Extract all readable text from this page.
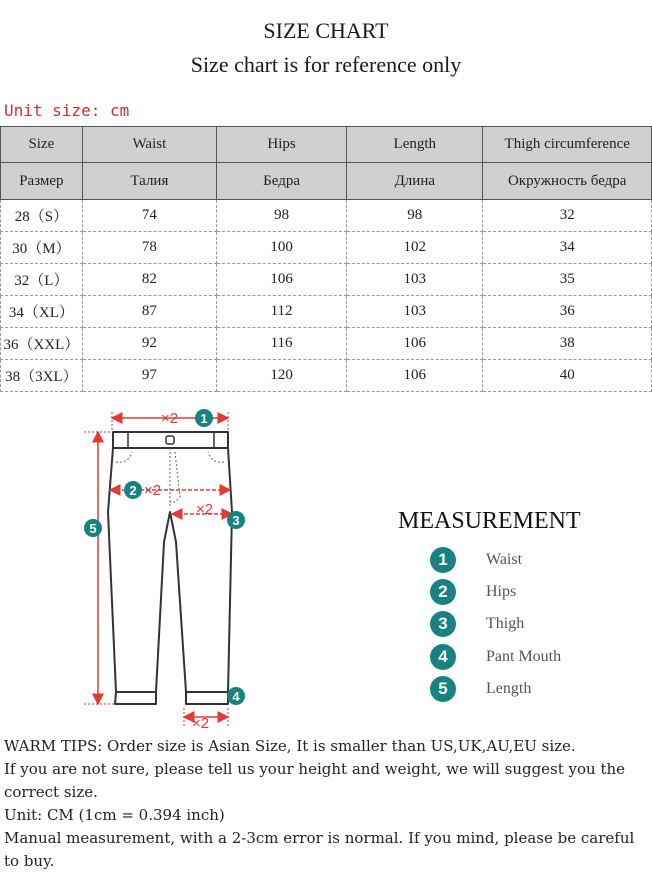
SIZE CHART
Size chart is for reference only
Unit size: cm
Size	Waist	Hips	Length	Thigh circumference
Размер	Талия	Бедра	Длина	Окружность бедра
28（S）	74	98	98	32
30（M）	78	100	102	34
32（L）	82	106	103	35
34（XL）	87	112	103	36
36（XXL）	92	116	106	38
38（3XL）	97	120	106	40
×2 1
2 ×2
×2
3
×2
4
5	MEASUREMENT
1	Waist
2	Hips
3	Thigh
4	Pant Mouth
5	Length

WARM TIPS: Order size is Asian Size, It is smaller than US,UK,AU,EU size.

If you are not sure, please tell us your height and weight, we will suggest you the correct size.

Unit: CM (1cm = 0.394 inch)

Manual measurement, with a 2-3cm error is normal. If you mind, please be careful to buy.
